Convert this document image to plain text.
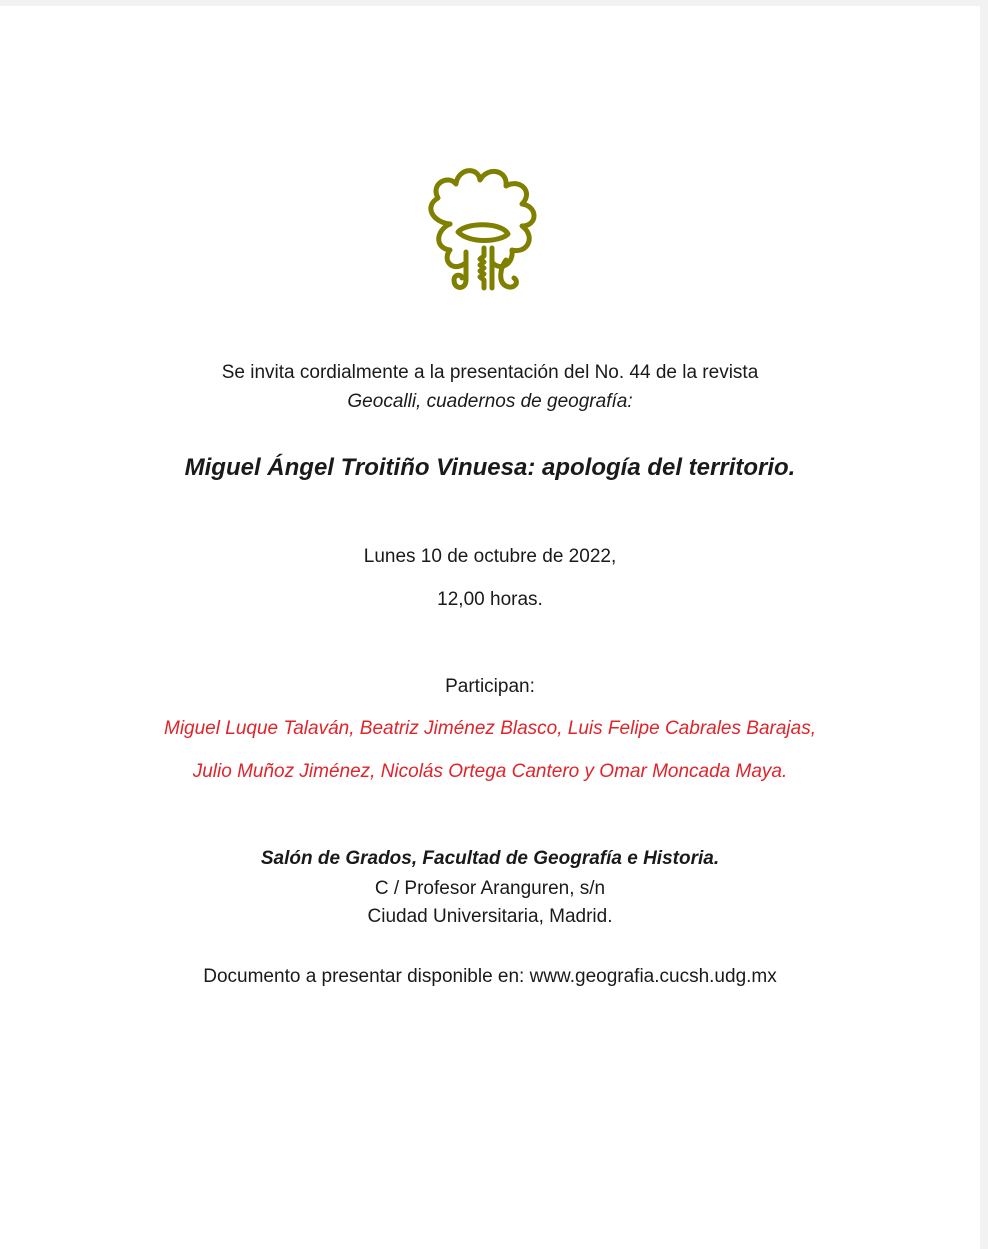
Se invita cordialmente a la presentación del No. 44 de la revista
Geocalli, cuadernos de geografía:
Miguel Ángel Troitiño Vinuesa: apología del territorio.
Lunes 10 de octubre de 2022,
12,00 horas.
Participan:
Miguel Luque Talaván, Beatriz Jiménez Blasco, Luis Felipe Cabrales Barajas,
Julio Muñoz Jiménez, Nicolás Ortega Cantero y Omar Moncada Maya.
Salón de Grados, Facultad de Geografía e Historia.
C / Profesor Aranguren, s/n
Ciudad Universitaria, Madrid.
Documento a presentar disponible en: www.geografia.cucsh.udg.mx
